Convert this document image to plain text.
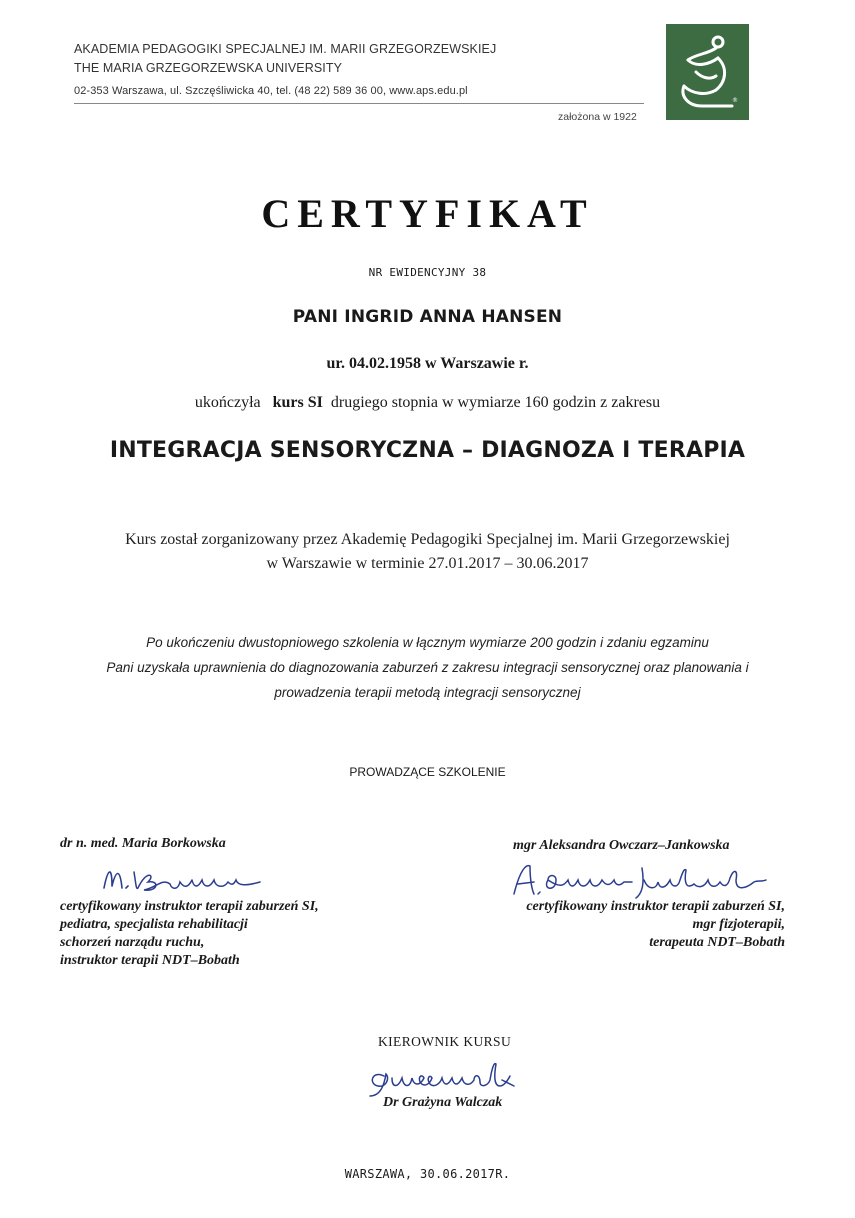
AKADEMIA PEDAGOGIKI SPECJALNEJ IM. MARII GRZEGORZEWSKIEJ
THE MARIA GRZEGORZEWSKA UNIVERSITY
02-353 Warszawa, ul. Szczęśliwicka 40, tel. (48 22) 589 36 00, www.aps.edu.pl
założona w 1922
®
CERTYFIKAT
NR EWIDENCYJNY 38
PANI INGRID ANNA HANSEN
ur. 04.02.1958 w Warszawie r.
ukończyła kurs SI drugiego stopnia w wymiarze 160 godzin z zakresu
INTEGRACJA SENSORYCZNA – DIAGNOZA I TERAPIA
Kurs został zorganizowany przez Akademię Pedagogiki Specjalnej im. Marii Grzegorzewskiej
w Warszawie w terminie 27.01.2017 – 30.06.2017
Po ukończeniu dwustopniowego szkolenia w łącznym wymiarze 200 godzin i zdaniu egzaminu
Pani uzyskała uprawnienia do diagnozowania zaburzeń z zakresu integracji sensorycznej oraz planowania i
prowadzenia terapii metodą integracji sensorycznej
PROWADZĄCE SZKOLENIE
dr n. med. Maria Borkowska
certyfikowany instruktor terapii zaburzeń SI,
pediatra, specjalista rehabilitacji
schorzeń narządu ruchu,
instruktor terapii NDT–Bobath
mgr Aleksandra Owczarz–Jankowska
certyfikowany instruktor terapii zaburzeń SI,
mgr fizjoterapii,
terapeuta NDT–Bobath
KIEROWNIK KURSU
Dr Grażyna Walczak
WARSZAWA, 30.06.2017R.
